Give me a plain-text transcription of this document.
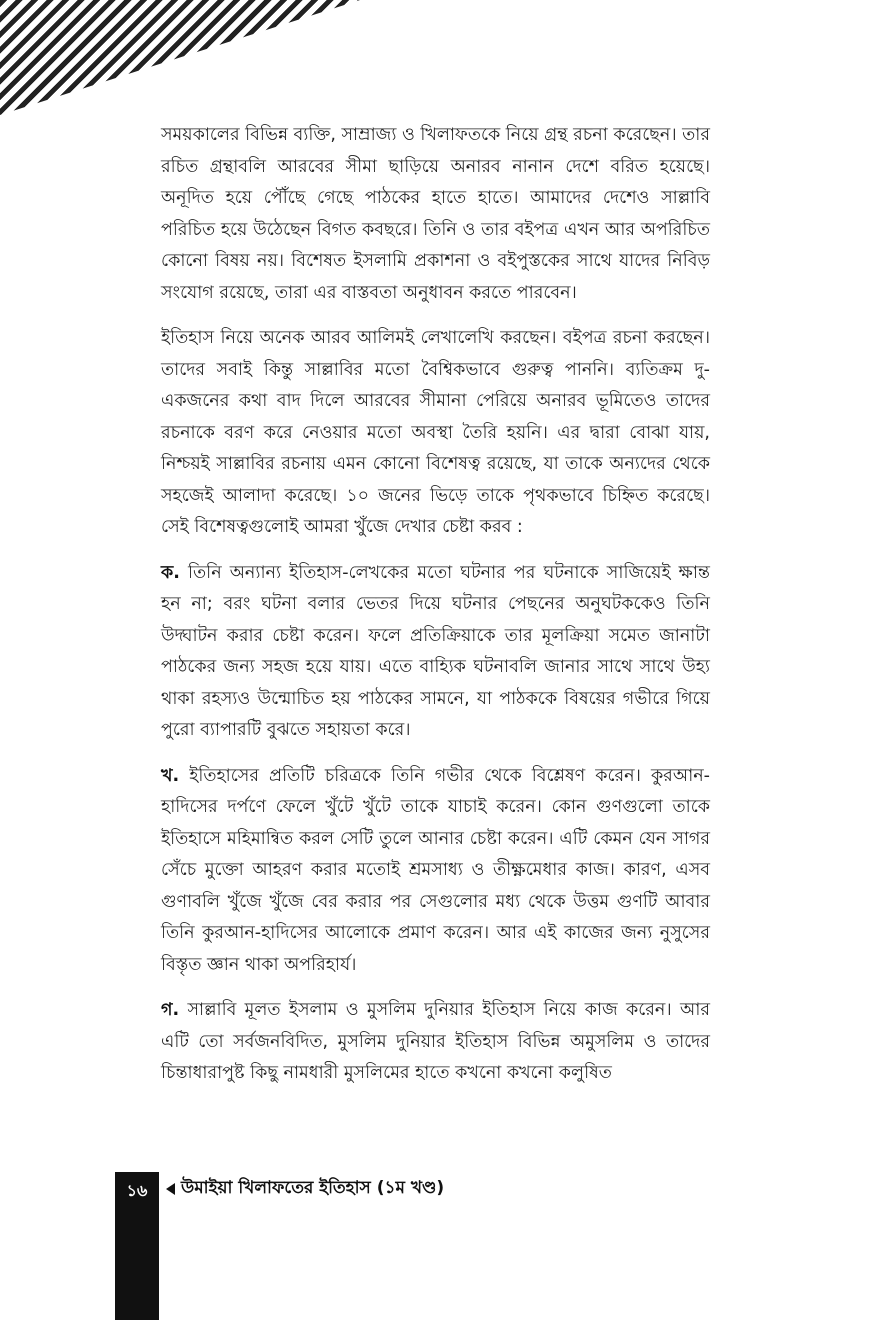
সময়কালের বিভিন্ন ব্যক্তি, সাম্রাজ্য ও খিলাফতকে নিয়ে গ্রন্থ রচনা করেছেন। তার রচিত গ্রন্থাবলি আরবের সীমা ছাড়িয়ে অনারব নানান দেশে বরিত হয়েছে। অনূদিত হয়ে পৌঁছে গেছে পাঠকের হাতে হাতে। আমাদের দেশেও সাল্লাবি পরিচিত হয়ে উঠেছেন বিগত কবছরে। তিনি ও তার বইপত্র এখন আর অপরিচিত কোনো বিষয় নয়। বিশেষত ইসলামি প্রকাশনা ও বইপুস্তকের সাথে যাদের নিবিড় সংযোগ রয়েছে, তারা এর বাস্তবতা অনুধাবন করতে পারবেন।

ইতিহাস নিয়ে অনেক আরব আলিমই লেখালেখি করছেন। বইপত্র রচনা করছেন। তাদের সবাই কিন্তু সাল্লাবির মতো বৈশ্বিকভাবে গুরুত্ব পাননি। ব্যতিক্রম দু-একজনের কথা বাদ দিলে আরবের সীমানা পেরিয়ে অনারব ভূমিতেও তাদের রচনাকে বরণ করে নেওয়ার মতো অবস্থা তৈরি হয়নি। এর দ্বারা বোঝা যায়, নিশ্চয়ই সাল্লাবির রচনায় এমন কোনো বিশেষত্ব রয়েছে, যা তাকে অন্যদের থেকে সহজেই আলাদা করেছে। ১০ জনের ভিড়ে তাকে পৃথকভাবে চিহ্নিত করেছে। সেই বিশেষত্বগুলোই আমরা খুঁজে দেখার চেষ্টা করব :

ক. তিনি অন্যান্য ইতিহাস-লেখকের মতো ঘটনার পর ঘটনাকে সাজিয়েই ক্ষান্ত হন না; বরং ঘটনা বলার ভেতর দিয়ে ঘটনার পেছনের অনুঘটককেও তিনি উদ্ঘাটন করার চেষ্টা করেন। ফলে প্রতিক্রিয়াকে তার মূলক্রিয়া সমেত জানাটা পাঠকের জন্য সহজ হয়ে যায়। এতে বাহ্যিক ঘটনাবলি জানার সাথে সাথে উহ্য থাকা রহস্যও উন্মোচিত হয় পাঠকের সামনে, যা পাঠককে বিষয়ের গভীরে গিয়ে পুরো ব্যাপারটি বুঝতে সহায়তা করে।

খ. ইতিহাসের প্রতিটি চরিত্রকে তিনি গভীর থেকে বিশ্লেষণ করেন। কুরআন-হাদিসের দর্পণে ফেলে খুঁটে খুঁটে তাকে যাচাই করেন। কোন গুণগুলো তাকে ইতিহাসে মহিমান্বিত করল সেটি তুলে আনার চেষ্টা করেন। এটি কেমন যেন সাগর সেঁচে মুক্তো আহরণ করার মতোই শ্রমসাধ্য ও তীক্ষ্ণমেধার কাজ। কারণ, এসব গুণাবলি খুঁজে খুঁজে বের করার পর সেগুলোর মধ্য থেকে উত্তম গুণটি আবার তিনি কুরআন-হাদিসের আলোকে প্রমাণ করেন। আর এই কাজের জন্য নুসুসের বিস্তৃত জ্ঞান থাকা অপরিহার্য।

গ. সাল্লাবি মূলত ইসলাম ও মুসলিম দুনিয়ার ইতিহাস নিয়ে কাজ করেন। আর এটি তো সর্বজনবিদিত, মুসলিম দুনিয়ার ইতিহাস বিভিন্ন অমুসলিম ও তাদের চিন্তাধারাপুষ্ট কিছু নামধারী মুসলিমের হাতে কখনো কখনো কলুষিত

১৬	উমাইয়া খিলাফতের ইতিহাস (১ম খণ্ড)
